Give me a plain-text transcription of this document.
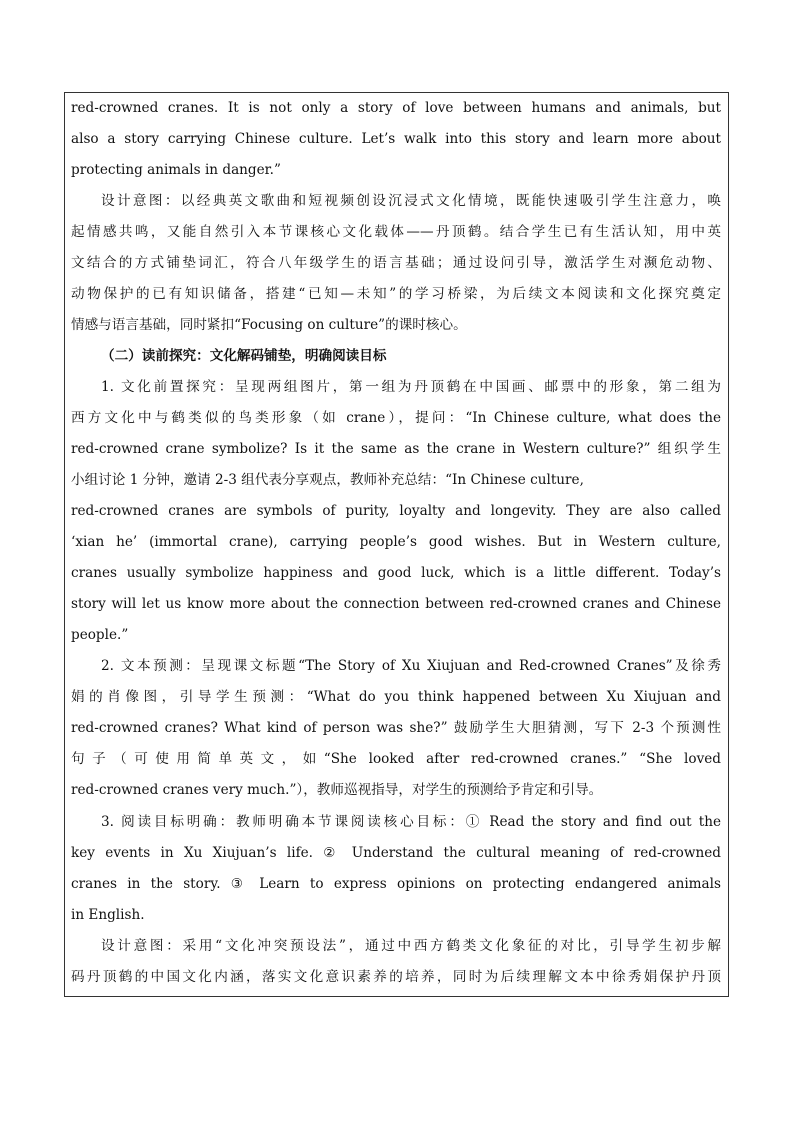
red-crowned cranes. It is not only a story of love between humans and animals, but
also a story carrying Chinese culture. Let’s walk into this story and learn more about
protecting animals in danger.”
设计意图：以经典英文歌曲和短视频创设沉浸式文化情境，既能快速吸引学生注意力，唤
起情感共鸣，又能自然引入本节课核心文化载体——丹顶鹤。结合学生已有生活认知，用中英
文结合的方式铺垫词汇，符合八年级学生的语言基础；通过设问引导，激活学生对濒危动物、
动物保护的已有知识储备，搭建“已知—未知”的学习桥梁，为后续文本阅读和文化探究奠定
情感与语言基础，同时紧扣“Focusing on culture”的课时核心。
（二）读前探究：文化解码铺垫，明确阅读目标
1. 文化前置探究：呈现两组图片，第一组为丹顶鹤在中国画、邮票中的形象，第二组为
西方文化中与鹤类似的鸟类形象（如 crane），提问：“In Chinese culture, what does the
red-crowned crane symbolize? Is it the same as the crane in Western culture?” 组织学生
小组讨论 1 分钟，邀请 2-3 组代表分享观点，教师补充总结：“In Chinese culture,
red-crowned cranes are symbols of purity, loyalty and longevity. They are also called
‘xian he’ (immortal crane), carrying people’s good wishes. But in Western culture,
cranes usually symbolize happiness and good luck, which is a little different. Today’s
story will let us know more about the connection between red-crowned cranes and Chinese
people.”
2. 文本预测：呈现课文标题“The Story of Xu Xiujuan and Red-crowned Cranes”及徐秀
娟的肖像图，引导学生预测：“What do you think happened between Xu Xiujuan and
red-crowned cranes? What kind of person was she?” 鼓励学生大胆猜测，写下 2-3 个预测性
句子（可使用简单英文，如“She looked after red-crowned cranes.” “She loved
red-crowned cranes very much.”），教师巡视指导，对学生的预测给予肯定和引导。
3. 阅读目标明确：教师明确本节课阅读核心目标：① Read the story and find out the
key events in Xu Xiujuan’s life. ② Understand the cultural meaning of red-crowned
cranes in the story. ③ Learn to express opinions on protecting endangered animals
in English.
设计意图：采用“文化冲突预设法”，通过中西方鹤类文化象征的对比，引导学生初步解
码丹顶鹤的中国文化内涵，落实文化意识素养的培养，同时为后续理解文本中徐秀娟保护丹顶
